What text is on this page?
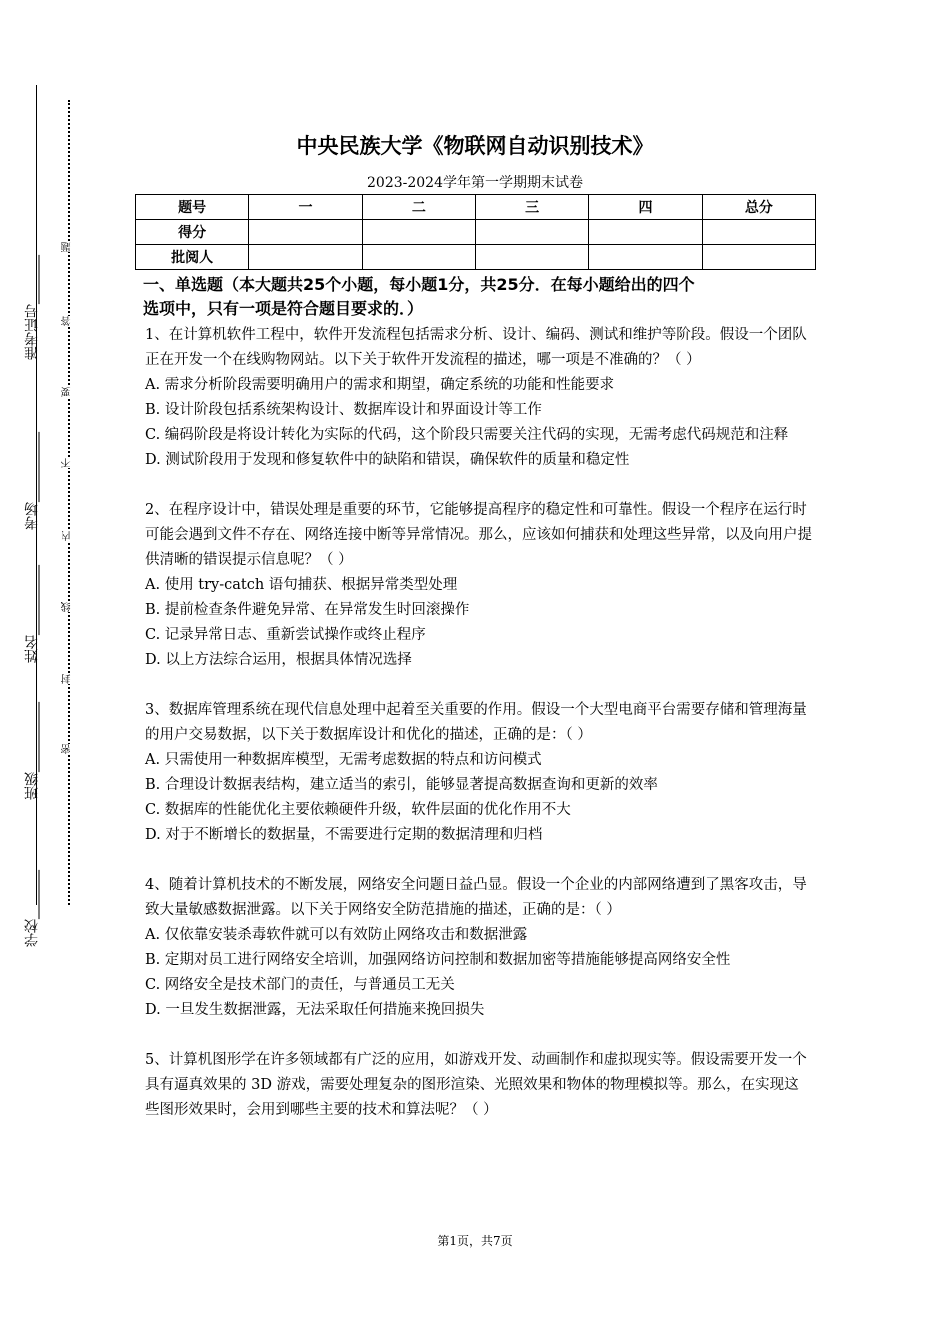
准考证号_______
考场__________
姓名__________
班级__________
学校_______
题
答
要
不
内
线
封
密
中央民族大学《物联网自动识别技术》
2023-2024学年第一学期期末试卷
题号	一	二	三	四	总分
得分					
批阅人					
一、单选题（本大题共25个小题，每小题1分，共25分．在每小题给出的四个
选项中，只有一项是符合题目要求的．）

1、在计算机软件工程中，软件开发流程包括需求分析、设计、编码、测试和维护等阶段。假设一个团队正在开发一个在线购物网站。以下关于软件开发流程的描述，哪一项是不准确的？（ ）

A. 需求分析阶段需要明确用户的需求和期望，确定系统的功能和性能要求

B. 设计阶段包括系统架构设计、数据库设计和界面设计等工作

C. 编码阶段是将设计转化为实际的代码，这个阶段只需要关注代码的实现，无需考虑代码规范和注释

D. 测试阶段用于发现和修复软件中的缺陷和错误，确保软件的质量和稳定性

2、在程序设计中，错误处理是重要的环节，它能够提高程序的稳定性和可靠性。假设一个程序在运行时可能会遇到文件不存在、网络连接中断等异常情况。那么，应该如何捕获和处理这些异常，以及向用户提供清晰的错误提示信息呢？（ ）

A. 使用 try-catch 语句捕获、根据异常类型处理

B. 提前检查条件避免异常、在异常发生时回滚操作

C. 记录异常日志、重新尝试操作或终止程序

D. 以上方法综合运用，根据具体情况选择

3、数据库管理系统在现代信息处理中起着至关重要的作用。假设一个大型电商平台需要存储和管理海量的用户交易数据，以下关于数据库设计和优化的描述，正确的是：（ ）

A. 只需使用一种数据库模型，无需考虑数据的特点和访问模式

B. 合理设计数据表结构，建立适当的索引，能够显著提高数据查询和更新的效率

C. 数据库的性能优化主要依赖硬件升级，软件层面的优化作用不大

D. 对于不断增长的数据量，不需要进行定期的数据清理和归档

4、随着计算机技术的不断发展，网络安全问题日益凸显。假设一个企业的内部网络遭到了黑客攻击，导致大量敏感数据泄露。以下关于网络安全防范措施的描述，正确的是：（ ）

A. 仅依靠安装杀毒软件就可以有效防止网络攻击和数据泄露

B. 定期对员工进行网络安全培训，加强网络访问控制和数据加密等措施能够提高网络安全性

C. 网络安全是技术部门的责任，与普通员工无关

D. 一旦发生数据泄露，无法采取任何措施来挽回损失

5、计算机图形学在许多领域都有广泛的应用，如游戏开发、动画制作和虚拟现实等。假设需要开发一个具有逼真效果的 3D 游戏，需要处理复杂的图形渲染、光照效果和物体的物理模拟等。那么，在实现这些图形效果时，会用到哪些主要的技术和算法呢？（ ）

第1页，共7页
